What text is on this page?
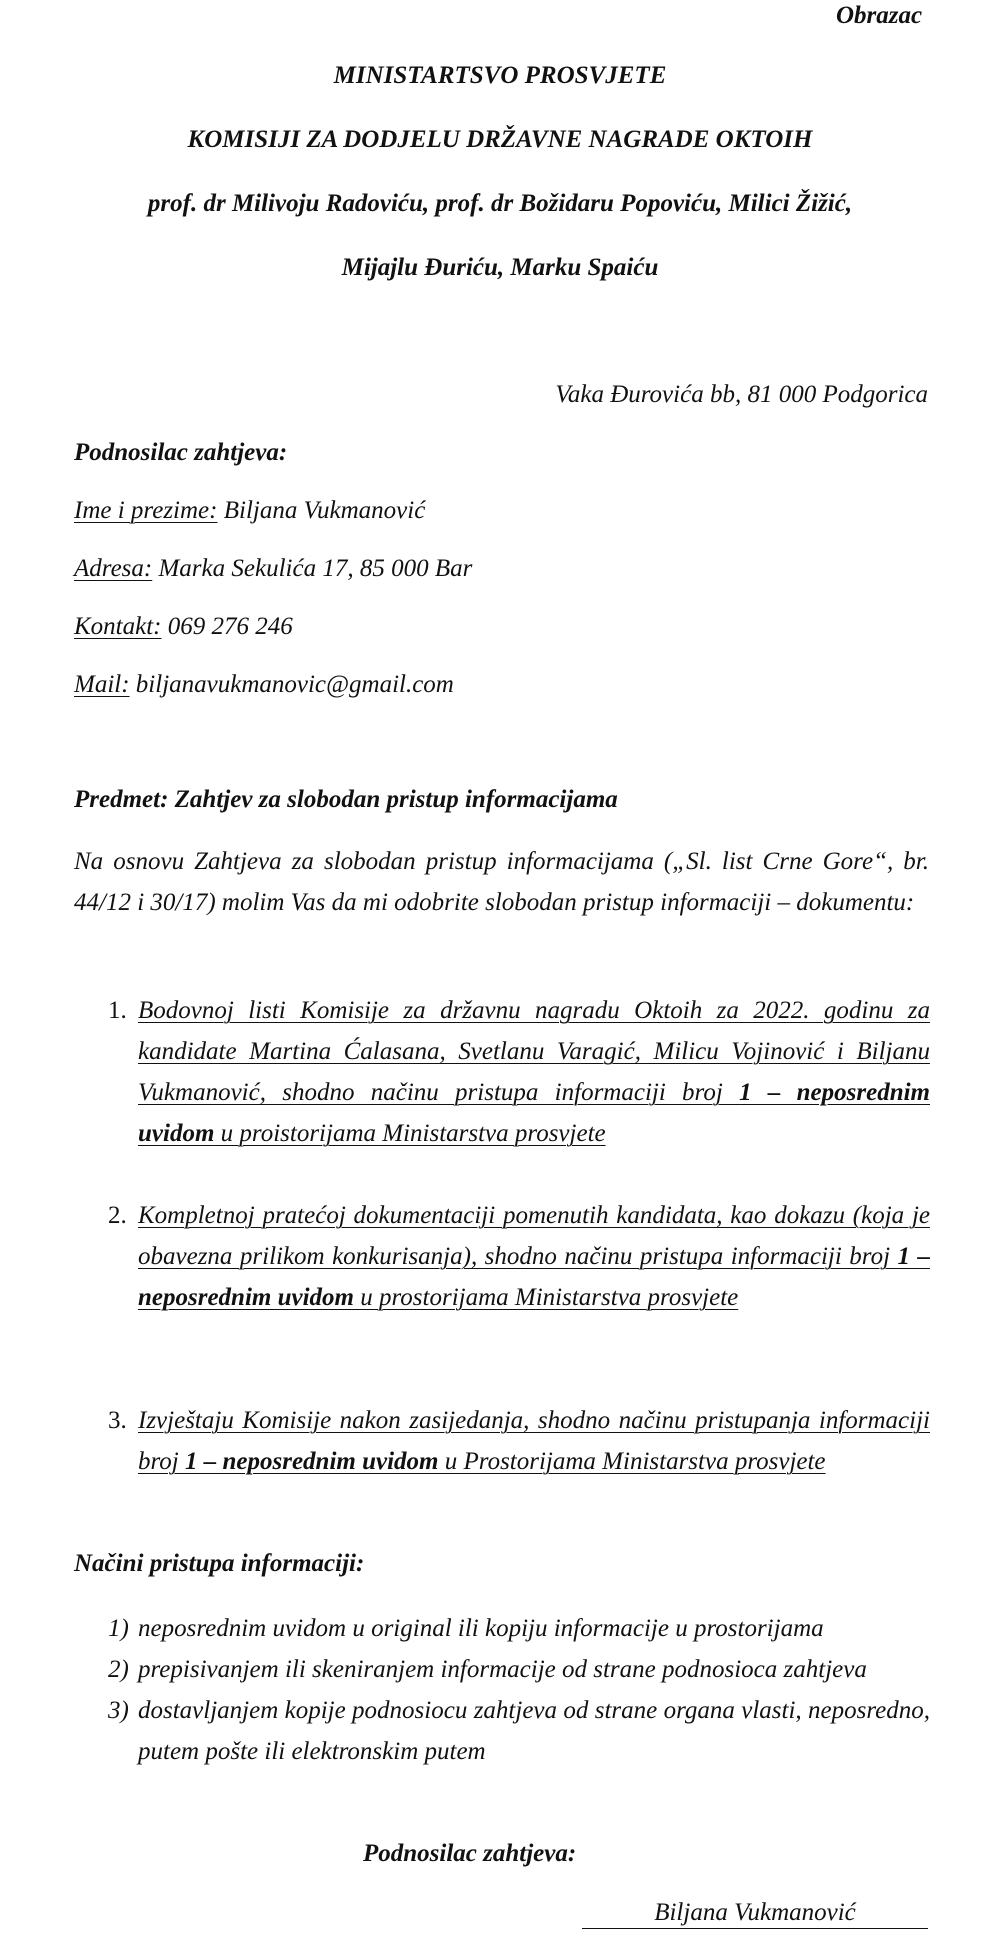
Obrazac
MINISTARTSVO PROSVJETE
KOMISIJI ZA DODJELU DRŽAVNE NAGRADE OKTOIH
prof. dr Milivoju Radoviću, prof. dr Božidaru Popoviću, Milici Žižić,
Mijajlu Đuriću, Marku Spaiću
Vaka Đurovića bb, 81 000 Podgorica
Podnosilac zahtjeva:
Ime i prezime: Biljana Vukmanović
Adresa: Marka Sekulića 17, 85 000 Bar
Kontakt: 069 276 246
Mail: biljanavukmanovic@gmail.com
Predmet: Zahtjev za slobodan pristup informacijama
Na osnovu Zahtjeva za slobodan pristup informacijama („Sl. list Crne Gore“, br. 44/12 i 30/17) molim Vas da mi odobrite slobodan pristup informaciji – dokumentu:
1. Bodovnoj listi Komisije za državnu nagradu Oktoih za 2022. godinu za kandidate Martina Ćalasana, Svetlanu Varagić, Milicu Vojinović i Biljanu Vukmanović, shodno načinu pristupa informaciji broj 1 – neposrednim uvidom u proistorijama Ministarstva prosvjete
2. Kompletnoj pratećoj dokumentaciji pomenutih kandidata, kao dokazu (koja je obavezna prilikom konkurisanja), shodno načinu pristupa informaciji broj 1 – neposrednim uvidom u prostorijama Ministarstva prosvjete
3. Izvještaju Komisije nakon zasijedanja, shodno načinu pristupanja informaciji broj 1 – neposrednim uvidom u Prostorijama Ministarstva prosvjete
Načini pristupa informaciji:
1) neposrednim uvidom u original ili kopiju informacije u prostorijama
2) prepisivanjem ili skeniranjem informacije od strane podnosioca zahtjeva
3) dostavljanjem kopije podnosiocu zahtjeva od strane organa vlasti, neposredno, putem pošte ili elektronskim putem
Podnosilac zahtjeva:
Biljana Vukmanović
